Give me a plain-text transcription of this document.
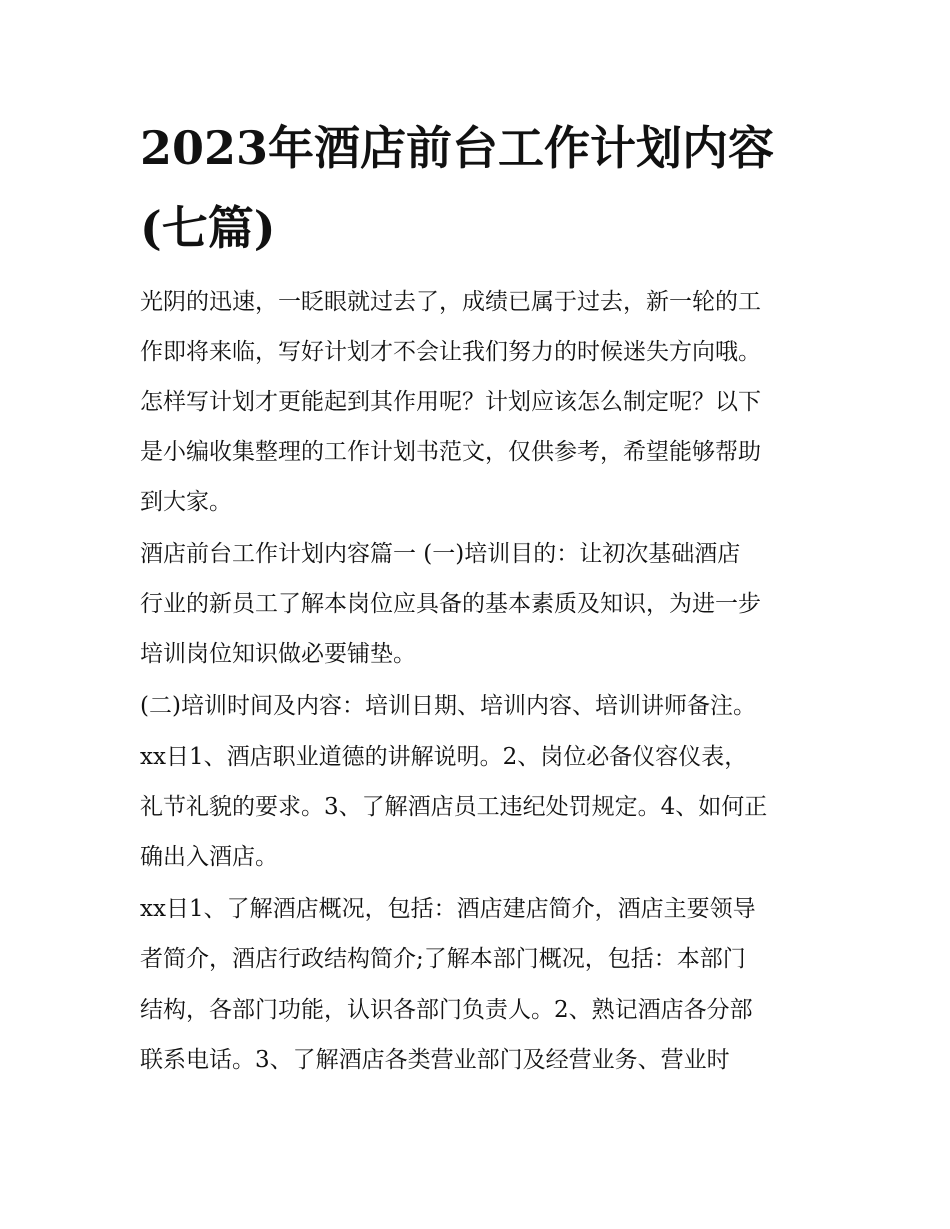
2023年酒店前台工作计划内容
(七篇)
光阴的迅速，一眨眼就过去了，成绩已属于过去，新一轮的工
作即将来临，写好计划才不会让我们努力的时候迷失方向哦。
怎样写计划才更能起到其作用呢？计划应该怎么制定呢？以下
是小编收集整理的工作计划书范文，仅供参考，希望能够帮助
到大家。
酒店前台工作计划内容篇一 (一)培训目的：让初次基础酒店
行业的新员工了解本岗位应具备的基本素质及知识，为进一步
培训岗位知识做必要铺垫。
(二)培训时间及内容：培训日期、培训内容、培训讲师备注。
xx日1、酒店职业道德的讲解说明。2、岗位必备仪容仪表，
礼节礼貌的要求。3、了解酒店员工违纪处罚规定。4、如何正
确出入酒店。
xx日1、了解酒店概况，包括：酒店建店简介，酒店主要领导
者简介，酒店行政结构简介;了解本部门概况，包括：本部门
结构，各部门功能，认识各部门负责人。2、熟记酒店各分部
联系电话。3、了解酒店各类营业部门及经营业务、营业时
